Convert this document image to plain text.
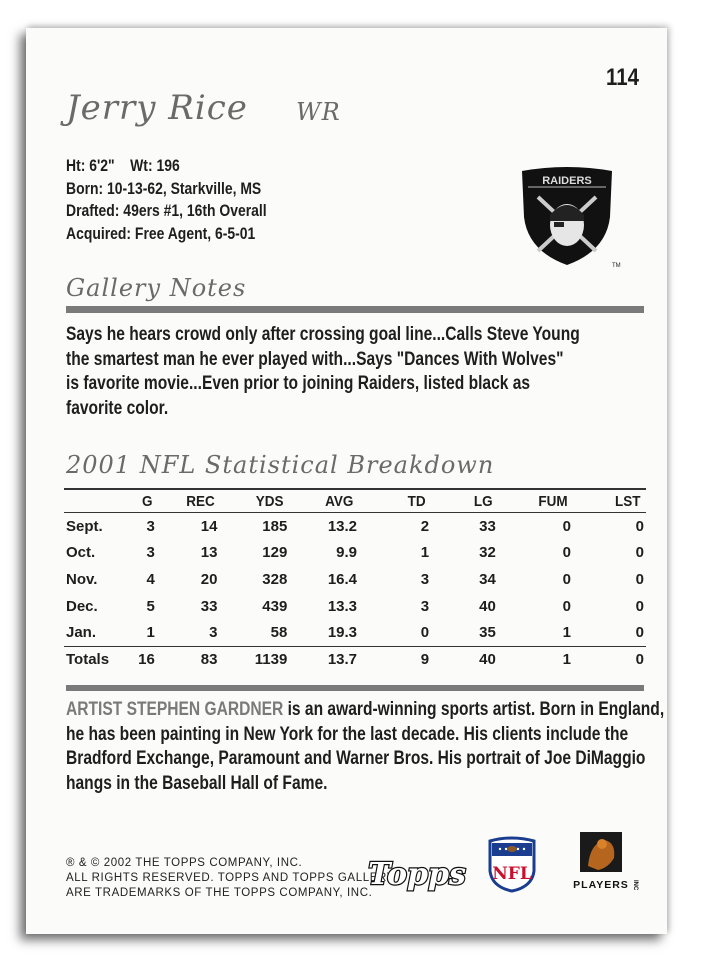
114
Jerry Rice WR
Ht: 6'2"    Wt: 196
Born: 10-13-62, Starkville, MS
Drafted: 49ers #1, 16th Overall
Acquired: Free Agent, 6-5-01
RAIDERS
TM
Gallery Notes
Says he hears crowd only after crossing goal line...Calls Steve Young
the smartest man he ever played with...Says "Dances With Wolves"
is favorite movie...Even prior to joining Raiders, listed black as
favorite color.
2001 NFL Statistical Breakdown
	G	REC	YDS	AVG	TD	LG	FUM	LST
Sept.	3	14	185	13.2	2	33	0	0
Oct.	3	13	129	9.9	1	32	0	0
Nov.	4	20	328	16.4	3	34	0	0
Dec.	5	33	439	13.3	3	40	0	0
Jan.	1	3	58	19.3	0	35	1	0
Totals	16	83	1139	13.7	9	40	1	0
ARTIST STEPHEN GARDNER is an award-winning sports artist. Born in England,
he has been painting in New York for the last decade. His clients include the
Bradford Exchange, Paramount and Warner Bros. His portrait of Joe DiMaggio
hangs in the Baseball Hall of Fame.
® & © 2002 THE TOPPS COMPANY, INC.
ALL RIGHTS RESERVED. TOPPS AND TOPPS GALLERY
ARE TRADEMARKS OF THE TOPPS COMPANY, INC.
Topps NFL
PLAYERS INC
